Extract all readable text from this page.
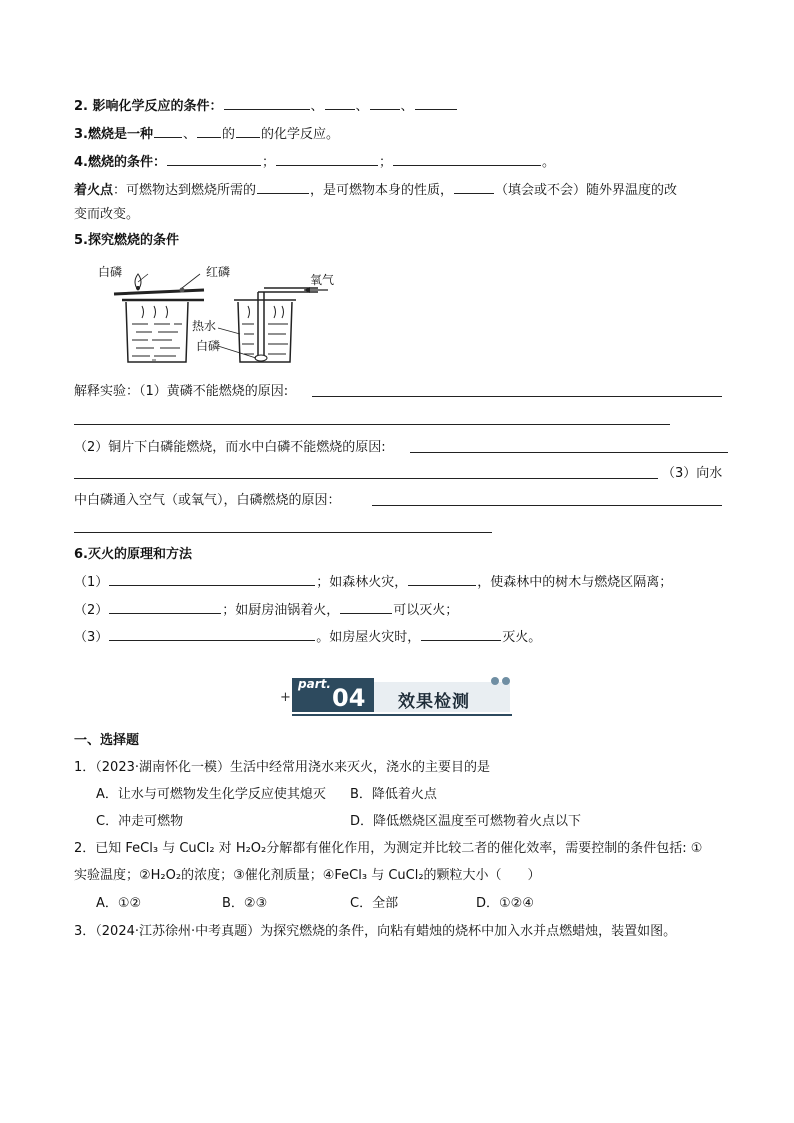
2. 影响化学反应的条件：	、 、 、
3.燃烧是一种 、 的 的化学反应。
4.燃烧的条件：	；	；	。
着火点：可燃物达到燃烧所需的	，是可燃物本身的性质，	（填会或不会）随外界温度的改
变而改变。
5.探究燃烧的条件
白磷	红磷
氧气
热水
白磷
解释实验：（1）黄磷不能燃烧的原因:
（2）铜片下白磷能燃烧，而水中白磷不能燃烧的原因:
（3）向水
中白磷通入空气（或氧气），白磷燃烧的原因：
6.灭火的原理和方法
（1）	；如森林火灾，	，使森林中的树木与燃烧区隔离；
（2）	；如厨房油锅着火，	可以灭火；
（3）	。如房屋火灾时，	灭火。
+
part. 04 效果检测
一、选择题
1．（2023·湖南怀化一模）生活中经常用浇水来灭火，浇水的主要目的是
A．让水与可燃物发生化学反应使其熄灭 B．降低着火点
C．冲走可燃物	D．降低燃烧区温度至可燃物着火点以下
2．已知 FeCl₃ 与 CuCl₂ 对 H₂O₂分解都有催化作用，为测定并比较二者的催化效率，需要控制的条件包括: ①
实验温度；②H₂O₂的浓度；③催化剂质量；④FeCl₃ 与 CuCl₂的颗粒大小（　　）
A．①②	B．②③	C．全部	D．①②④
3．（2024·江苏徐州·中考真题）为探究燃烧的条件，向粘有蜡烛的烧杯中加入水并点燃蜡烛，装置如图。
